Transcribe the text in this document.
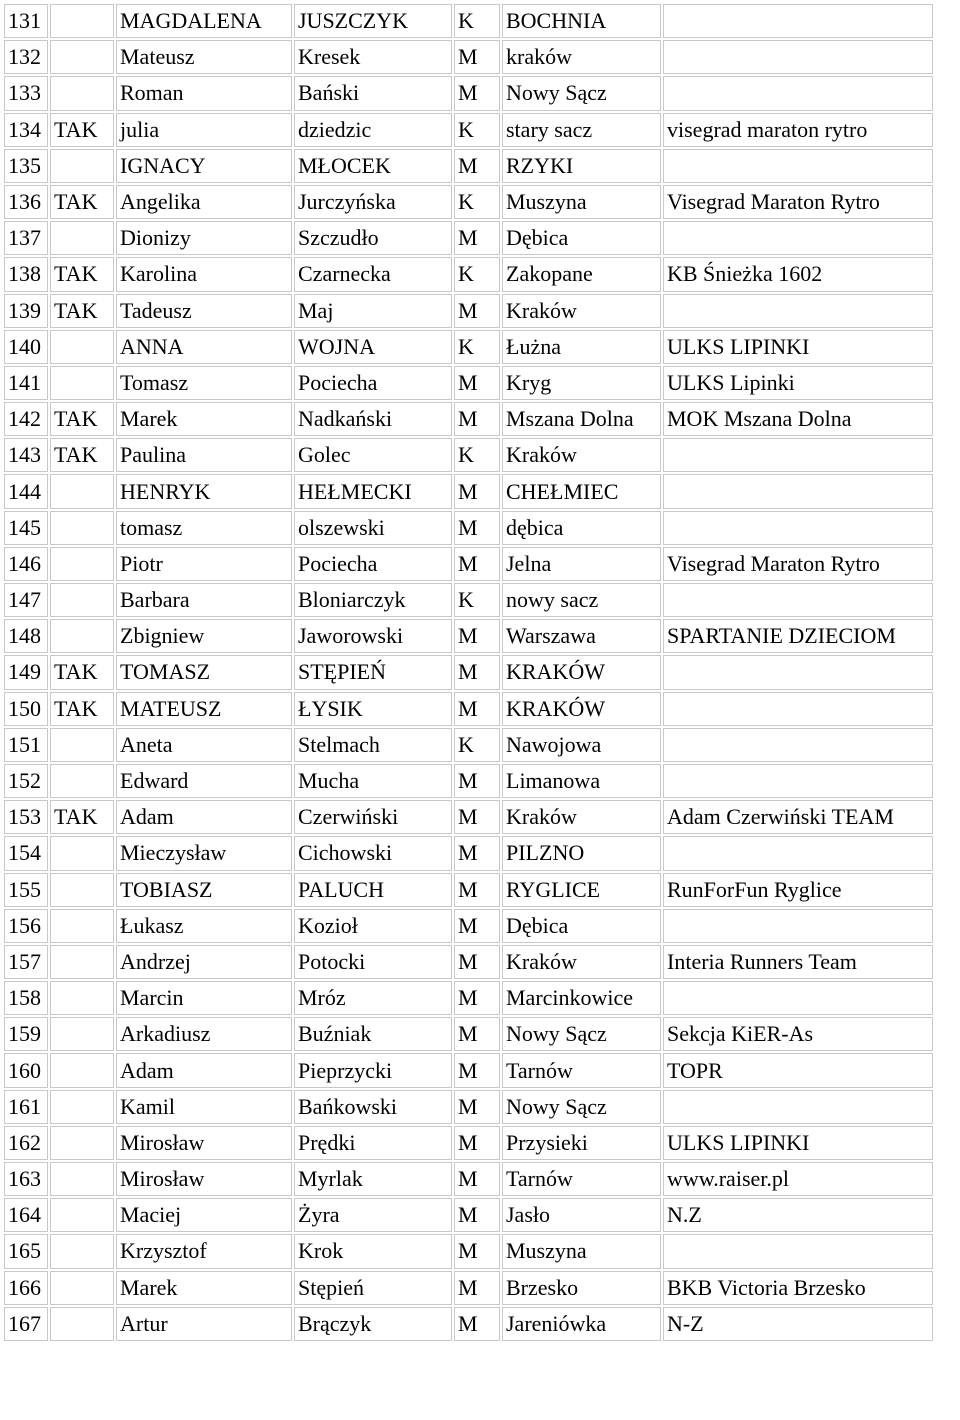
131		MAGDALENA	JUSZCZYK	K	BOCHNIA	
132		Mateusz	Kresek	M	kraków	
133		Roman	Bański	M	Nowy Sącz	
134	TAK	julia	dziedzic	K	stary sacz	visegrad maraton rytro
135		IGNACY	MŁOCEK	M	RZYKI	
136	TAK	Angelika	Jurczyńska	K	Muszyna	Visegrad Maraton Rytro
137		Dionizy	Szczudło	M	Dębica	
138	TAK	Karolina	Czarnecka	K	Zakopane	KB Śnieżka 1602
139	TAK	Tadeusz	Maj	M	Kraków	
140		ANNA	WOJNA	K	Łużna	ULKS LIPINKI
141		Tomasz	Pociecha	M	Kryg	ULKS Lipinki
142	TAK	Marek	Nadkański	M	Mszana Dolna	MOK Mszana Dolna
143	TAK	Paulina	Golec	K	Kraków	
144		HENRYK	HEŁMECKI	M	CHEŁMIEC	
145		tomasz	olszewski	M	dębica	
146		Piotr	Pociecha	M	Jelna	Visegrad Maraton Rytro
147		Barbara	Bloniarczyk	K	nowy sacz	
148		Zbigniew	Jaworowski	M	Warszawa	SPARTANIE DZIECIOM
149	TAK	TOMASZ	STĘPIEŃ	M	KRAKÓW	
150	TAK	MATEUSZ	ŁYSIK	M	KRAKÓW	
151		Aneta	Stelmach	K	Nawojowa	
152		Edward	Mucha	M	Limanowa	
153	TAK	Adam	Czerwiński	M	Kraków	Adam Czerwiński TEAM
154		Mieczysław	Cichowski	M	PILZNO	
155		TOBIASZ	PALUCH	M	RYGLICE	RunForFun Ryglice
156		Łukasz	Kozioł	M	Dębica	
157		Andrzej	Potocki	M	Kraków	Interia Runners Team
158		Marcin	Mróz	M	Marcinkowice	
159		Arkadiusz	Buźniak	M	Nowy Sącz	Sekcja KiER-As
160		Adam	Pieprzycki	M	Tarnów	TOPR
161		Kamil	Bańkowski	M	Nowy Sącz	
162		Mirosław	Prędki	M	Przysieki	ULKS LIPINKI
163		Mirosław	Myrlak	M	Tarnów	www.raiser.pl
164		Maciej	Żyra	M	Jasło	N.Z
165		Krzysztof	Krok	M	Muszyna	
166		Marek	Stępień	M	Brzesko	BKB Victoria Brzesko
167		Artur	Brączyk	M	Jareniówka	N-Z
